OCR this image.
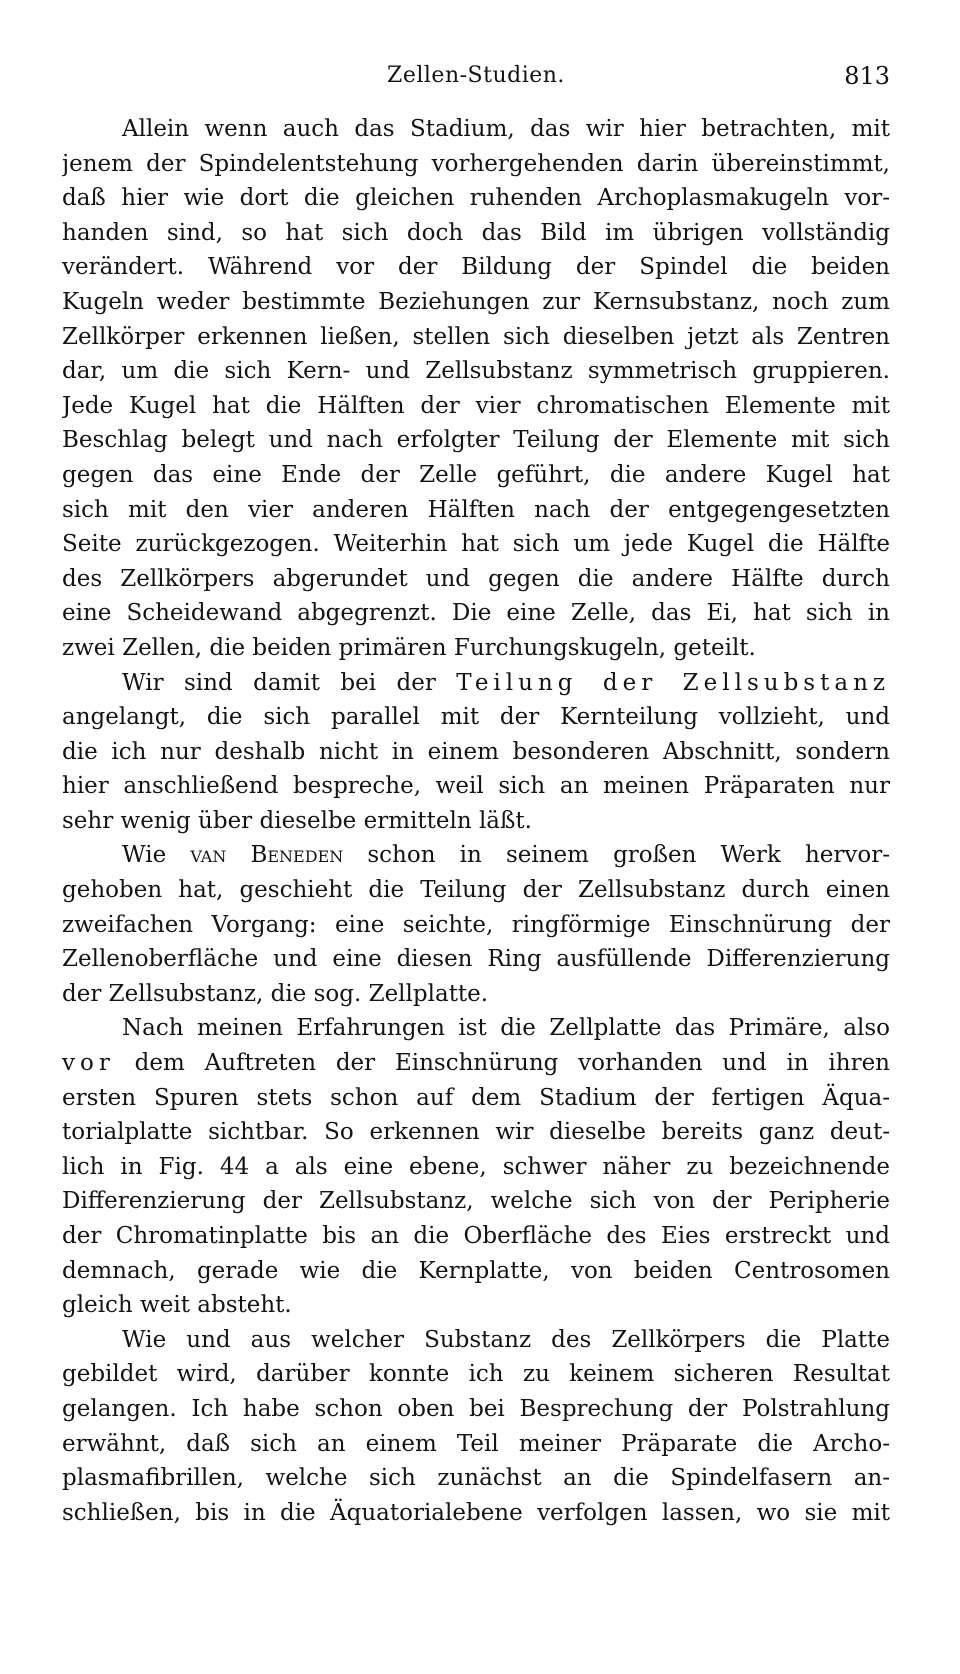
Zellen-Studien.	813
Allein wenn auch das Stadium, das wir hier betrachten, mit
jenem der Spindelentstehung vorhergehenden darin übereinstimmt,
daß hier wie dort die gleichen ruhenden Archoplasmakugeln vor-
handen sind, so hat sich doch das Bild im übrigen vollständig
verändert. Während vor der Bildung der Spindel die beiden
Kugeln weder bestimmte Beziehungen zur Kernsubstanz, noch zum
Zellkörper erkennen ließen, stellen sich dieselben jetzt als Zentren
dar, um die sich Kern- und Zellsubstanz symmetrisch gruppieren.
Jede Kugel hat die Hälften der vier chromatischen Elemente mit
Beschlag belegt und nach erfolgter Teilung der Elemente mit sich
gegen das eine Ende der Zelle geführt, die andere Kugel hat
sich mit den vier anderen Hälften nach der entgegengesetzten
Seite zurückgezogen. Weiterhin hat sich um jede Kugel die Hälfte
des Zellkörpers abgerundet und gegen die andere Hälfte durch
eine Scheidewand abgegrenzt. Die eine Zelle, das Ei, hat sich in
zwei Zellen, die beiden primären Furchungskugeln, geteilt.
Wir sind damit bei der Teilung der Zellsubstanz
angelangt, die sich parallel mit der Kernteilung vollzieht, und
die ich nur deshalb nicht in einem besonderen Abschnitt, sondern
hier anschließend bespreche, weil sich an meinen Präparaten nur
sehr wenig über dieselbe ermitteln läßt.
Wie van Beneden schon in seinem großen Werk hervor-
gehoben hat, geschieht die Teilung der Zellsubstanz durch einen
zweifachen Vorgang: eine seichte, ringförmige Einschnürung der
Zellenoberfläche und eine diesen Ring ausfüllende Differenzierung
der Zellsubstanz, die sog. Zellplatte.
Nach meinen Erfahrungen ist die Zellplatte das Primäre, also
vor dem Auftreten der Einschnürung vorhanden und in ihren
ersten Spuren stets schon auf dem Stadium der fertigen Äqua-
torialplatte sichtbar. So erkennen wir dieselbe bereits ganz deut-
lich in Fig. 44 a als eine ebene, schwer näher zu bezeichnende
Differenzierung der Zellsubstanz, welche sich von der Peripherie
der Chromatinplatte bis an die Oberfläche des Eies erstreckt und
demnach, gerade wie die Kernplatte, von beiden Centrosomen
gleich weit absteht.
Wie und aus welcher Substanz des Zellkörpers die Platte
gebildet wird, darüber konnte ich zu keinem sicheren Resultat
gelangen. Ich habe schon oben bei Besprechung der Polstrahlung
erwähnt, daß sich an einem Teil meiner Präparate die Archo-
plasmafibrillen, welche sich zunächst an die Spindelfasern an-
schließen, bis in die Äquatorialebene verfolgen lassen, wo sie mit
